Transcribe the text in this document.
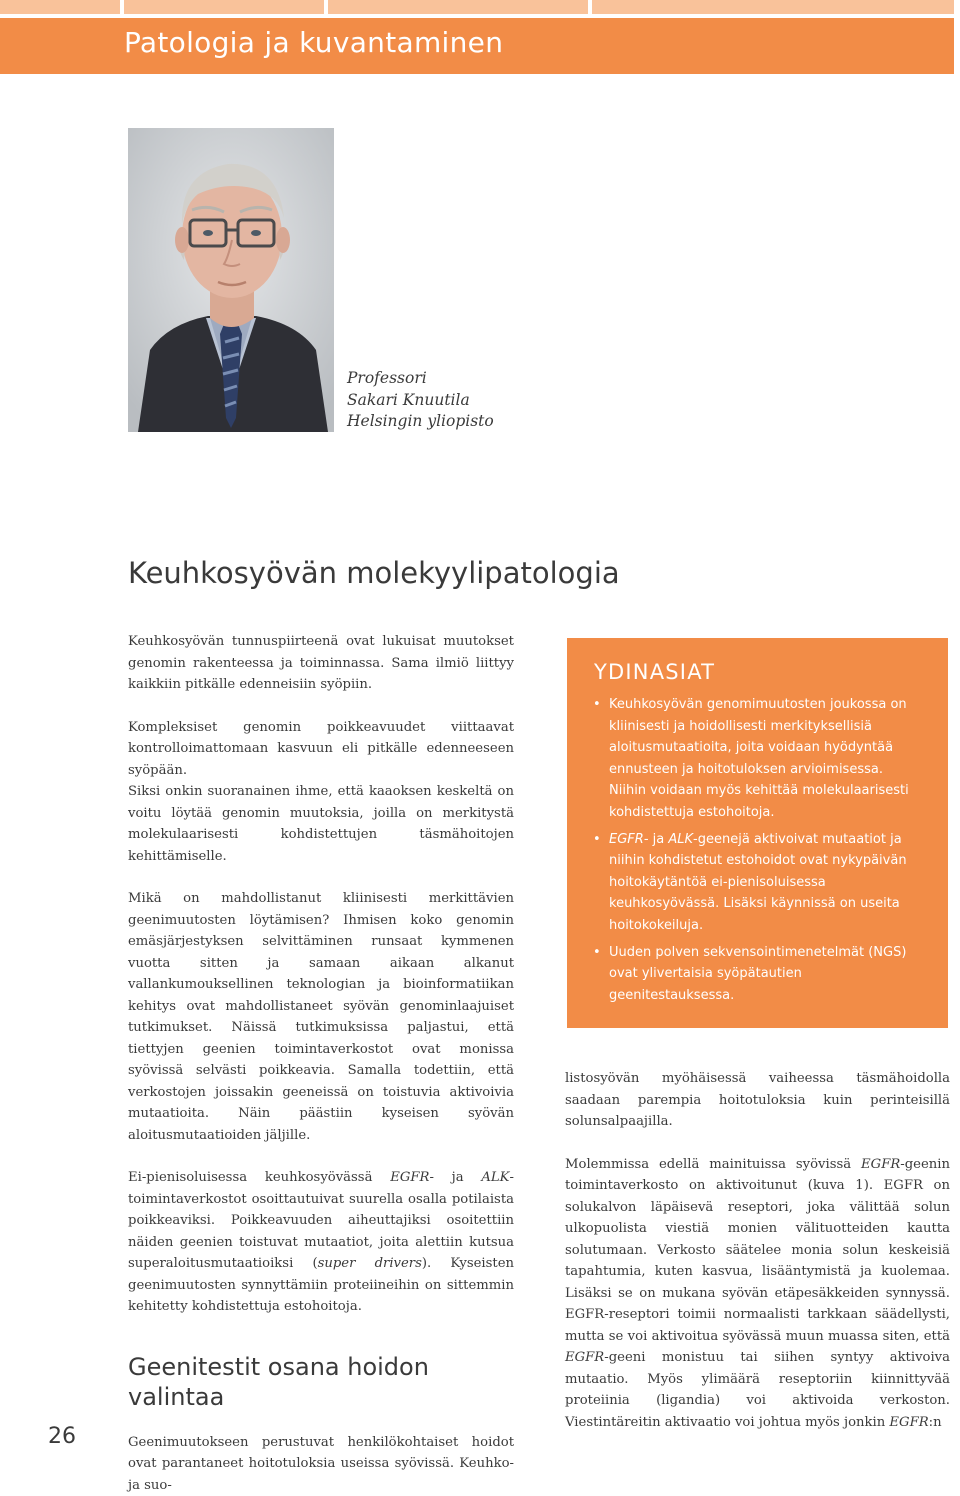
Patologia ja kuvantaminen
Professori
Sakari Knuutila
Helsingin yliopisto
Keuhkosyövän molekyylipatologia

Keuhkosyövän tunnuspiirteenä ovat lukuisat muutokset genomin rakenteessa ja toiminnassa. Sama ilmiö liittyy kaikkiin pitkälle edenneisiin syöpiin.

Kompleksiset genomin poikkeavuudet viittaavat kontrolloimattomaan kasvuun eli pitkälle edenneeseen syöpään.

Siksi onkin suoranainen ihme, että kaaoksen keskeltä on voitu löytää genomin muutoksia, joilla on merkitystä molekulaarisesti kohdistettujen täsmähoitojen kehittämiselle.

Mikä on mahdollistanut kliinisesti merkittävien geenimuutosten löytämisen? Ihmisen koko genomin emäsjärjestyksen selvittäminen runsaat kymmenen vuotta sitten ja samaan aikaan alkanut vallankumouksellinen teknologian ja bioinformatiikan kehitys ovat mahdollistaneet syövän genominlaajuiset tutkimukset. Näissä tutkimuksissa paljastui, että tiettyjen geenien toimintaverkostot ovat monissa syövissä selvästi poikkeavia. Samalla todettiin, että verkostojen joissakin geeneissä on toistuvia aktivoivia mutaatioita. Näin päästiin kyseisen syövän aloitusmutaatioiden jäljille.

Ei-pienisoluisessa keuhkosyövässä EGFR- ja ALK-toimintaverkostot osoittautuivat suurella osalla potilaista poikkeaviksi. Poikkeavuuden aiheuttajiksi osoitettiin näiden geenien toistuvat mutaatiot, joita alettiin kutsua superaloitusmutaatioiksi (super drivers). Kyseisten geenimuutosten synnyttämiin proteiineihin on sittemmin kehitetty kohdistettuja estohoitoja.

Geenitestit osana hoidon valintaa

Geenimuutokseen perustuvat henkilökohtaiset hoidot ovat parantaneet hoitotuloksia useissa syövissä. Keuhko- ja suo-

YDINASIAT
• Keuhkosyövän genomimuutosten joukossa on kliinisesti ja hoidollisesti merkityksellisiä aloitusmutaatioita, joita voidaan hyödyntää ennusteen ja hoitotuloksen arvioimisessa. Niihin voidaan myös kehittää molekulaarisesti kohdistettuja estohoitoja.
• EGFR- ja ALK-geenejä aktivoivat mutaatiot ja niihin kohdistetut estohoidot ovat nykypäivän hoitokäytäntöä ei-pienisoluisessa keuhkosyövässä. Lisäksi käynnissä on useita hoitokokeiluja.
• Uuden polven sekvensointimenetelmät (NGS) ovat ylivertaisia syöpätautien geenitestauksessa.

listosyövän myöhäisessä vaiheessa täsmähoidolla saadaan parempia hoitotuloksia kuin perinteisillä solunsalpaajilla.

Molemmissa edellä mainituissa syövissä EGFR-geenin toimintaverkosto on aktivoitunut (kuva 1). EGFR on solukalvon läpäisevä reseptori, joka välittää solun ulkopuolista viestiä monien välituotteiden kautta solutumaan. Verkosto säätelee monia solun keskeisiä tapahtumia, kuten kasvua, lisääntymistä ja kuolemaa. Lisäksi se on mukana syövän etäpesäkkeiden synnyssä. EGFR-reseptori toimii normaalisti tarkkaan säädellysti, mutta se voi aktivoitua syövässä muun muassa siten, että EGFR-geeni monistuu tai siihen syntyy aktivoiva mutaatio. Myös ylimäärä reseptoriin kiinnittyvää proteiinia (ligandia) voi aktivoida verkoston. Viestintäreitin aktivaatio voi johtua myös jonkin EGFR:n

26
